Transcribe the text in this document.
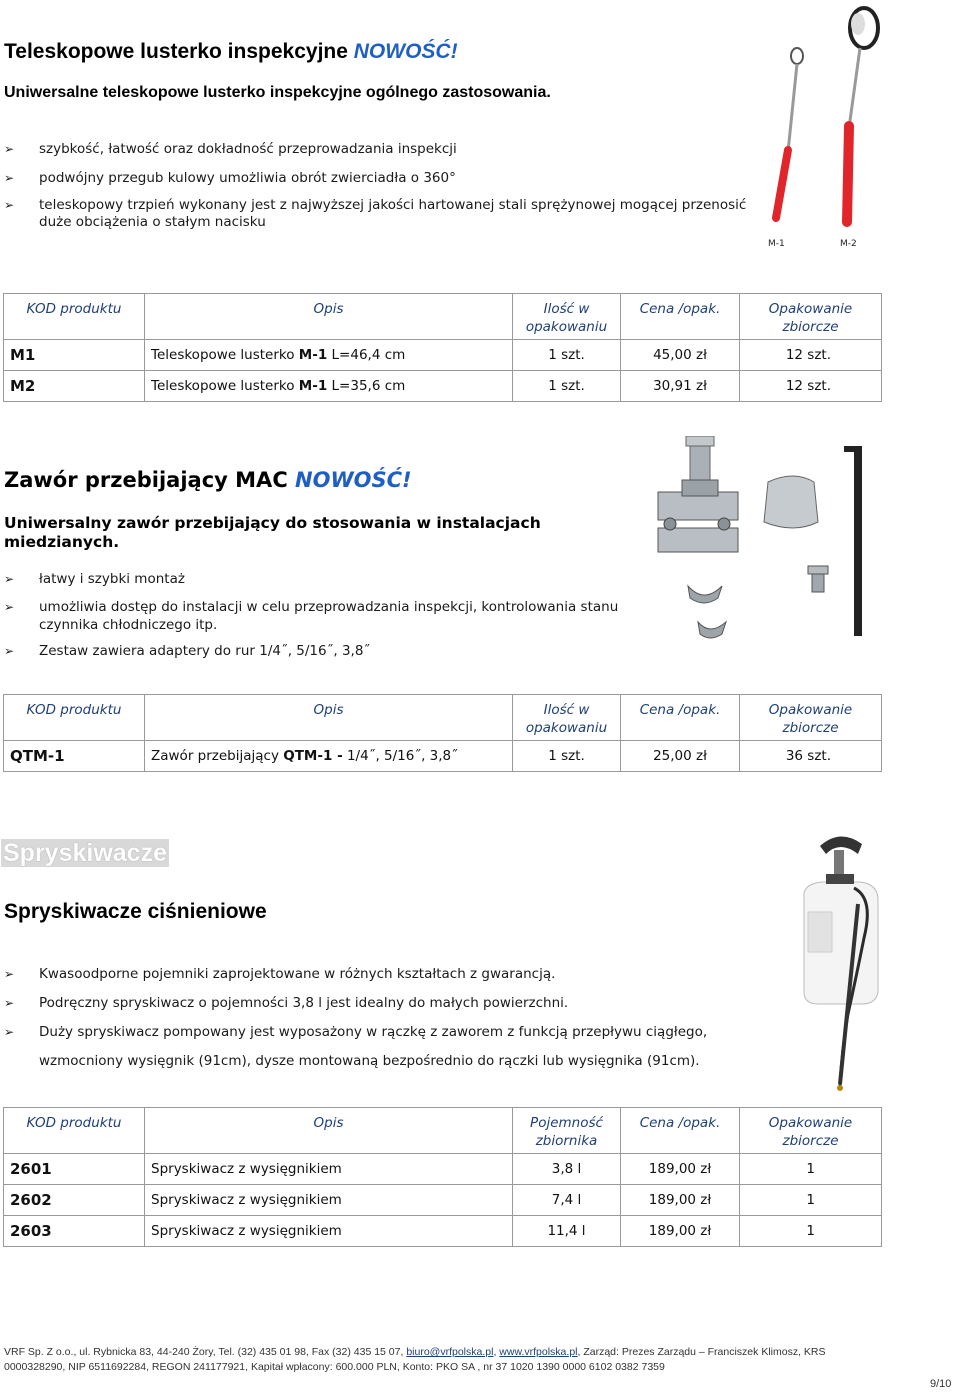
Teleskopowe lusterko inspekcyjne NOWOŚĆ!
Uniwersalne teleskopowe lusterko inspekcyjne ogólnego zastosowania.
➢ szybkość, łatwość oraz dokładność przeprowadzania inspekcji
➢ podwójny przegub kulowy umożliwia obrót zwierciadła o 360°
➢ teleskopowy trzpień wykonany jest z najwyższej jakości hartowanej stali sprężynowej mogącej przenosić
duże obciążenia o stałym nacisku
M-1	M-2
KOD produktu	Opis	Ilość w opakowaniu	Cena /opak.	Opakowanie zbiorcze
M1	Teleskopowe lusterko M-1 L=46,4 cm	1 szt.	45,00 zł	12 szt.
M2	Teleskopowe lusterko M-1 L=35,6 cm	1 szt.	30,91 zł	12 szt.
Zawór przebijający MAC NOWOŚĆ!
Uniwersalny zawór przebijający do stosowania w instalacjach
miedzianych.
➢ łatwy i szybki montaż
➢ umożliwia dostęp do instalacji w celu przeprowadzania inspekcji, kontrolowania stanu
czynnika chłodniczego itp.
➢ Zestaw zawiera adaptery do rur 1/4˝, 5/16˝, 3,8˝
KOD produktu	Opis	Ilość w opakowaniu	Cena /opak.	Opakowanie zbiorcze
QTM-1	Zawór przebijający QTM-1 - 1/4˝, 5/16˝, 3,8˝	1 szt.	25,00 zł	36 szt.
Spryskiwacze
Spryskiwacze ciśnieniowe
➢ Kwasoodporne pojemniki zaprojektowane w różnych kształtach z gwarancją.
➢ Podręczny spryskiwacz o pojemności 3,8 l jest idealny do małych powierzchni.
➢ Duży spryskiwacz pompowany jest wyposażony w rączkę z zaworem z funkcją przepływu ciągłego,
wzmocniony wysięgnik (91cm), dysze montowaną bezpośrednio do rączki lub wysięgnika (91cm).
KOD produktu	Opis	Pojemność zbiornika	Cena /opak.	Opakowanie zbiorcze
2601	Spryskiwacz z wysięgnikiem	3,8 l	189,00 zł	1
2602	Spryskiwacz z wysięgnikiem	7,4 l	189,00 zł	1
2603	Spryskiwacz z wysięgnikiem	11,4 l	189,00 zł	1
VRF Sp. Z o.o., ul. Rybnicka 83, 44-240 Żory, Tel. (32) 435 01 98, Fax (32) 435 15 07, biuro@vrfpolska.pl, www.vrfpolska.pl, Zarząd: Prezes Zarządu – Franciszek Klimosz, KRS
0000328290, NIP 6511692284, REGON 241177921, Kapitał wpłacony: 600.000 PLN, Konto: PKO SA , nr 37 1020 1390 0000 6102 0382 7359
9/10
